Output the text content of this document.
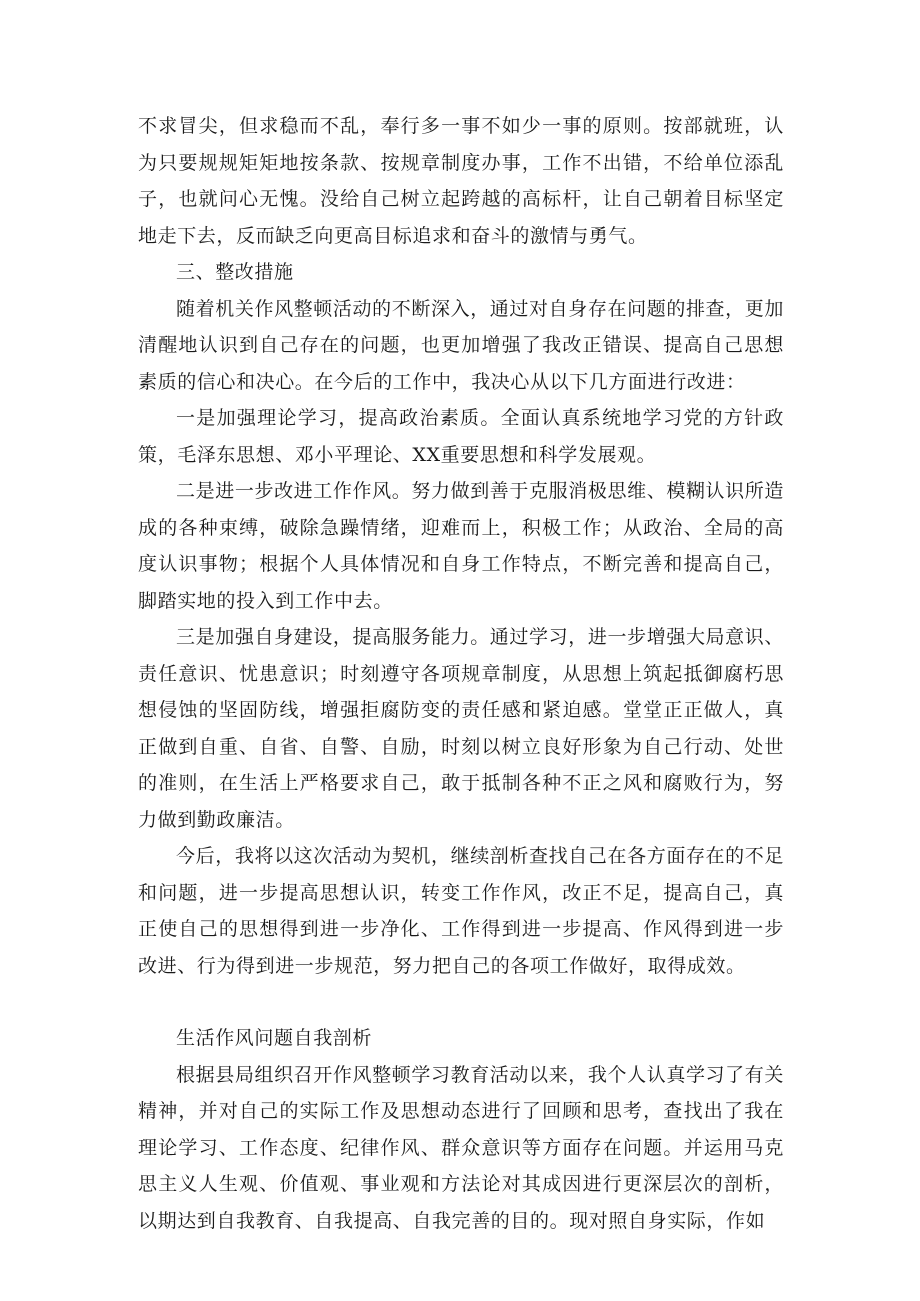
不求冒尖，但求稳而不乱，奉行多一事不如少一事的原则。按部就班，认为只要规规矩矩地按条款、按规章制度办事，工作不出错，不给单位添乱子，也就问心无愧。没给自己树立起跨越的高标杆，让自己朝着目标坚定地走下去，反而缺乏向更高目标追求和奋斗的激情与勇气。

三、整改措施

随着机关作风整顿活动的不断深入，通过对自身存在问题的排查，更加清醒地认识到自己存在的问题，也更加增强了我改正错误、提高自己思想素质的信心和决心。在今后的工作中，我决心从以下几方面进行改进：

一是加强理论学习，提高政治素质。全面认真系统地学习党的方针政策，毛泽东思想、邓小平理论、XX重要思想和科学发展观。

二是进一步改进工作作风。努力做到善于克服消极思维、模糊认识所造成的各种束缚，破除急躁情绪，迎难而上，积极工作；从政治、全局的高度认识事物；根据个人具体情况和自身工作特点，不断完善和提高自己，脚踏实地的投入到工作中去。

三是加强自身建设，提高服务能力。通过学习，进一步增强大局意识、责任意识、忧患意识；时刻遵守各项规章制度，从思想上筑起抵御腐朽思想侵蚀的坚固防线，增强拒腐防变的责任感和紧迫感。堂堂正正做人，真正做到自重、自省、自警、自励，时刻以树立良好形象为自己行动、处世的准则，在生活上严格要求自己，敢于抵制各种不正之风和腐败行为，努力做到勤政廉洁。

今后，我将以这次活动为契机，继续剖析查找自己在各方面存在的不足和问题，进一步提高思想认识，转变工作作风，改正不足，提高自己，真正使自己的思想得到进一步净化、工作得到进一步提高、作风得到进一步改进、行为得到进一步规范，努力把自己的各项工作做好，取得成效。

生活作风问题自我剖析

根据县局组织召开作风整顿学习教育活动以来，我个人认真学习了有关精神，并对自己的实际工作及思想动态进行了回顾和思考，查找出了我在理论学习、工作态度、纪律作风、群众意识等方面存在问题。并运用马克思主义人生观、价值观、事业观和方法论对其成因进行更深层次的剖析，以期达到自我教育、自我提高、自我完善的目的。现对照自身实际，作如
